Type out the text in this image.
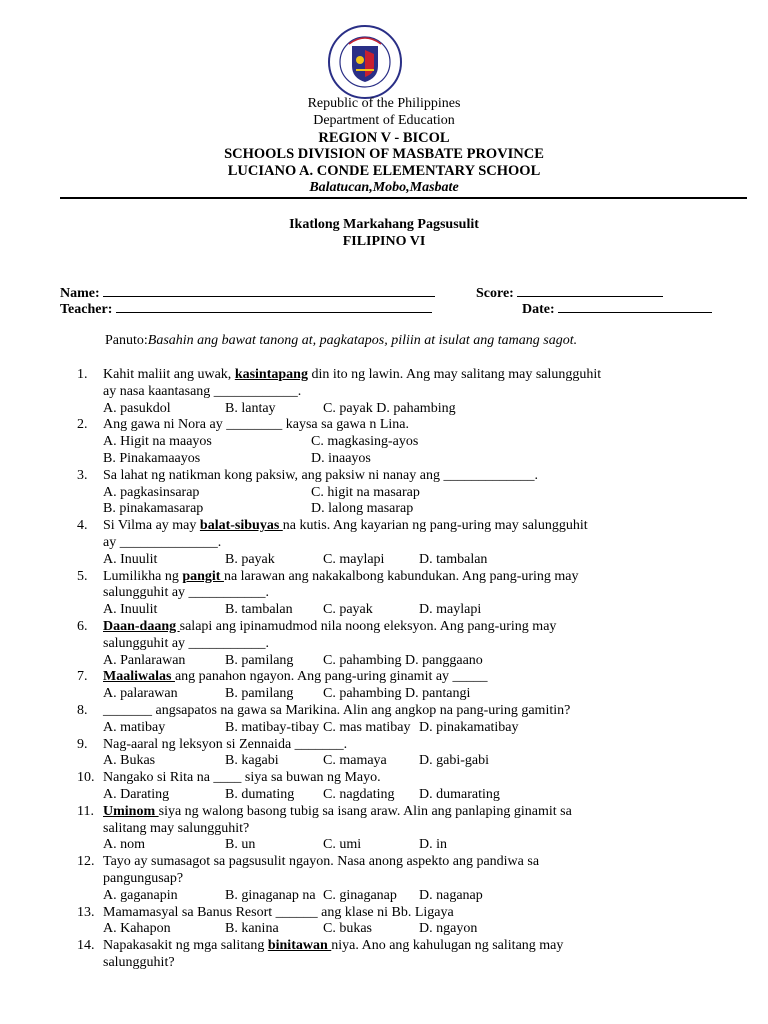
Republic of the Philippines
Department of Education
REGION V - BICOL
SCHOOLS DIVISION OF MASBATE PROVINCE
LUCIANO A. CONDE ELEMENTARY SCHOOL
Balatucan,Mobo,Masbate
Ikatlong Markahang Pagsusulit
FILIPINO VI
Name:	Score:
Teacher:	Date:
Panuto:Basahin ang bawat tanong at, pagkatapos, piliin at isulat ang tamang sagot.
1. Kahit maliit ang uwak, kasintapang din ito ng lawin. Ang may salitang may salungguhit ay nasa kaantasang ____________.
A. pasukdol	B. lantay	C. payak D. pahambing
2. Ang gawa ni Nora ay ________ kaysa sa gawa n Lina.
A. Higit na maayos	C. magkasing-ayos
B. Pinakamaayos	D. inaayos
3. Sa lahat ng natikman kong paksiw, ang paksiw ni nanay ang _____________.
A. pagkasinsarap	C. higit na masarap
B. pinakamasarap	D. lalong masarap
4. Si Vilma ay may balat-sibuyas na kutis. Ang kayarian ng pang-uring may salungguhit ay ______________.
A. Inuulit	B. payak	C. maylapi	D. tambalan
5. Lumilikha ng pangit na larawan ang nakakalbong kabundukan. Ang pang-uring may salungguhit ay ___________.
A. Inuulit	B. tambalan	C. payak	D. maylapi
6. Daan-daang salapi ang ipinamudmod nila noong eleksyon. Ang pang-uring may salungguhit ay ___________.
A. Panlarawan	B. pamilang	C. pahambing D. panggaano
7. Maaliwalas ang panahon ngayon. Ang pang-uring ginamit ay _____
A. palarawan	B. pamilang	C. pahambing D. pantangi
8. _______ angsapatos na gawa sa Marikina. Alin ang angkop na pang-uring gamitin?
A. matibay	B. matibay-tibay C. mas matibay D. pinakamatibay
9. Nag-aaral ng leksyon si Zennaida _______.
A. Bukas	B. kagabi	C. mamaya	D. gabi-gabi
10. Nangako si Rita na ____ siya sa buwan ng Mayo.
A. Darating	B. dumating	C. nagdating	D. dumarating
11. Uminom siya ng walong basong tubig sa isang araw. Alin ang panlaping ginamit sa salitang may salungguhit?
A. nom	B. un	C. umi	D. in
12. Tayo ay sumasagot sa pagsusulit ngayon. Nasa anong aspekto ang pandiwa sa pangungusap?
A. gaganapin	B. ginaganap na C. ginaganap	D. naganap
13. Mamamasyal sa Banus Resort ______ ang klase ni Bb. Ligaya
A. Kahapon	B. kanina	C. bukas	D. ngayon
14. Napakasakit ng mga salitang binitawan niya. Ano ang kahulugan ng salitang may salungguhit?
